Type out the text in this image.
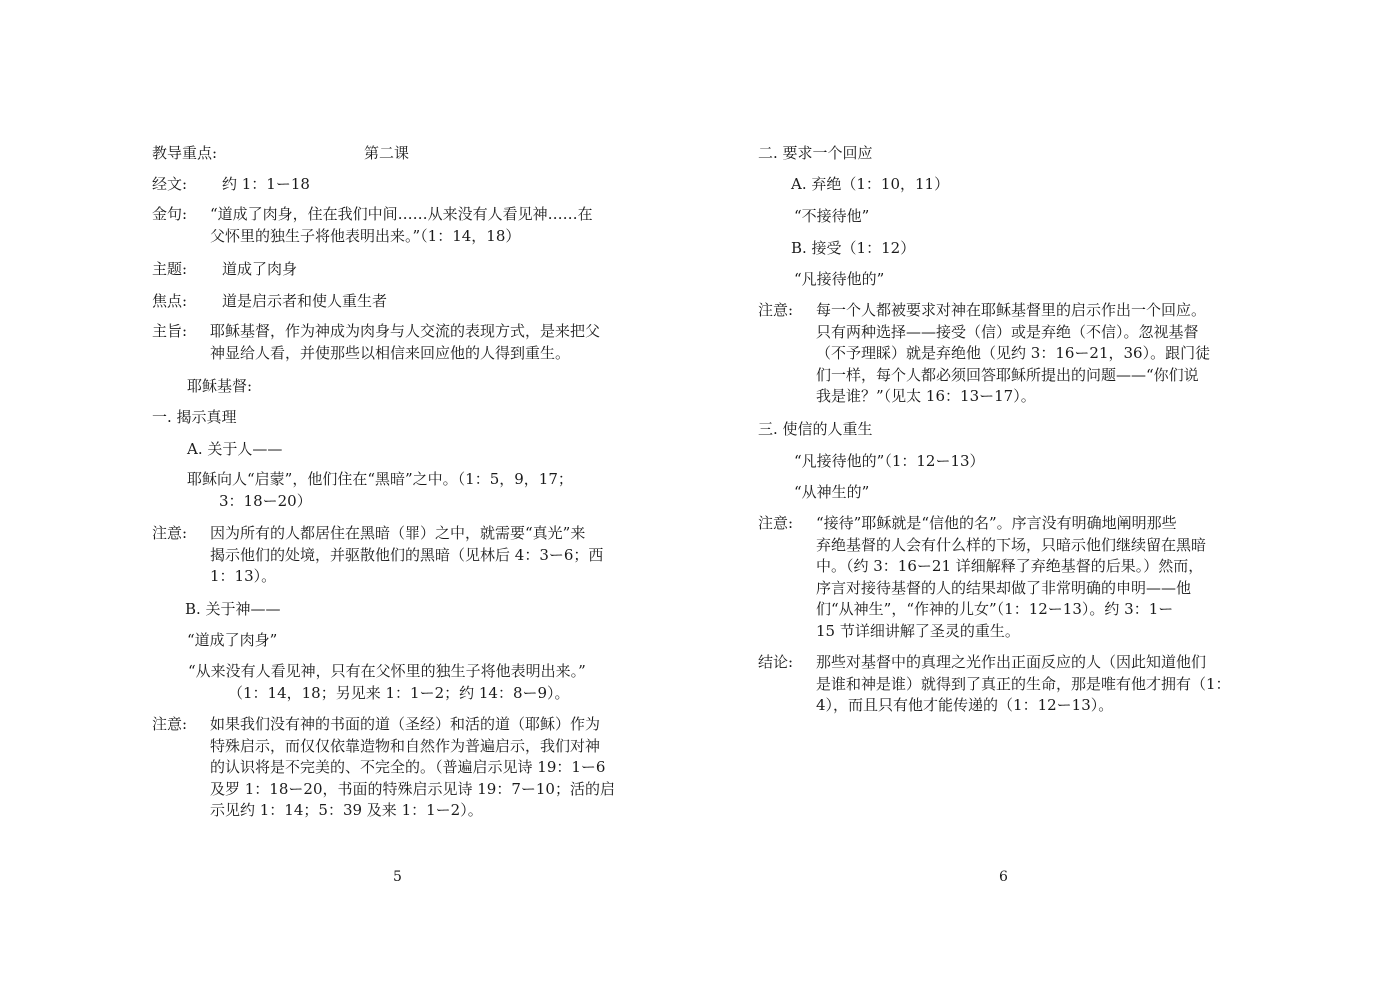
教导重点:	第二课
经文: 约 1：1ー18
金句: “道成了肉身，住在我们中间……从来没有人看见神……在
父怀里的独生子将他表明出来。”（1：14，18）
主题: 道成了肉身
焦点: 道是启示者和使人重生者
主旨: 耶稣基督，作为神成为肉身与人交流的表现方式，是来把父
神显给人看，并使那些以相信来回应他的人得到重生。
耶稣基督:
一. 揭示真理
A. 关于人——
耶稣向人“启蒙”，他们住在“黑暗”之中。（1：5，9，17；
3：18ー20）
注意: 因为所有的人都居住在黑暗（罪）之中，就需要“真光”来
揭示他们的处境，并驱散他们的黑暗（见林后 4：3ー6；西
1：13）。
B. 关于神——
“道成了肉身”
“从来没有人看见神，只有在父怀里的独生子将他表明出来。”
（1：14，18；另见来 1：1ー2；约 14：8ー9）。
注意: 如果我们没有神的书面的道（圣经）和活的道（耶稣）作为
特殊启示，而仅仅依靠造物和自然作为普遍启示，我们对神
的认识将是不完美的、不完全的。（普遍启示见诗 19：1ー6
及罗 1：18ー20，书面的特殊启示见诗 19：7ー10；活的启
示见约 1：14；5：39 及来 1：1ー2）。
5
二. 要求一个回应
A. 弃绝（1：10，11）
“不接待他”
B. 接受（1：12）
“凡接待他的”
注意: 每一个人都被要求对神在耶稣基督里的启示作出一个回应。
只有两种选择——接受（信）或是弃绝（不信）。忽视基督
（不予理睬）就是弃绝他（见约 3：16ー21，36）。跟门徒
们一样，每个人都必须回答耶稣所提出的问题——“你们说
我是谁？”（见太 16：13ー17）。
三. 使信的人重生
“凡接待他的”（1：12ー13）
“从神生的”
注意: “接待”耶稣就是“信他的名”。序言没有明确地阐明那些
弃绝基督的人会有什么样的下场，只暗示他们继续留在黑暗
中。（约 3：16ー21 详细解释了弃绝基督的后果。）然而，
序言对接待基督的人的结果却做了非常明确的申明——他
们“从神生”，“作神的儿女”（1：12ー13）。约 3：1ー
15 节详细讲解了圣灵的重生。
结论: 那些对基督中的真理之光作出正面反应的人（因此知道他们
是谁和神是谁）就得到了真正的生命，那是唯有他才拥有（1：
4），而且只有他才能传递的（1：12ー13）。
6
